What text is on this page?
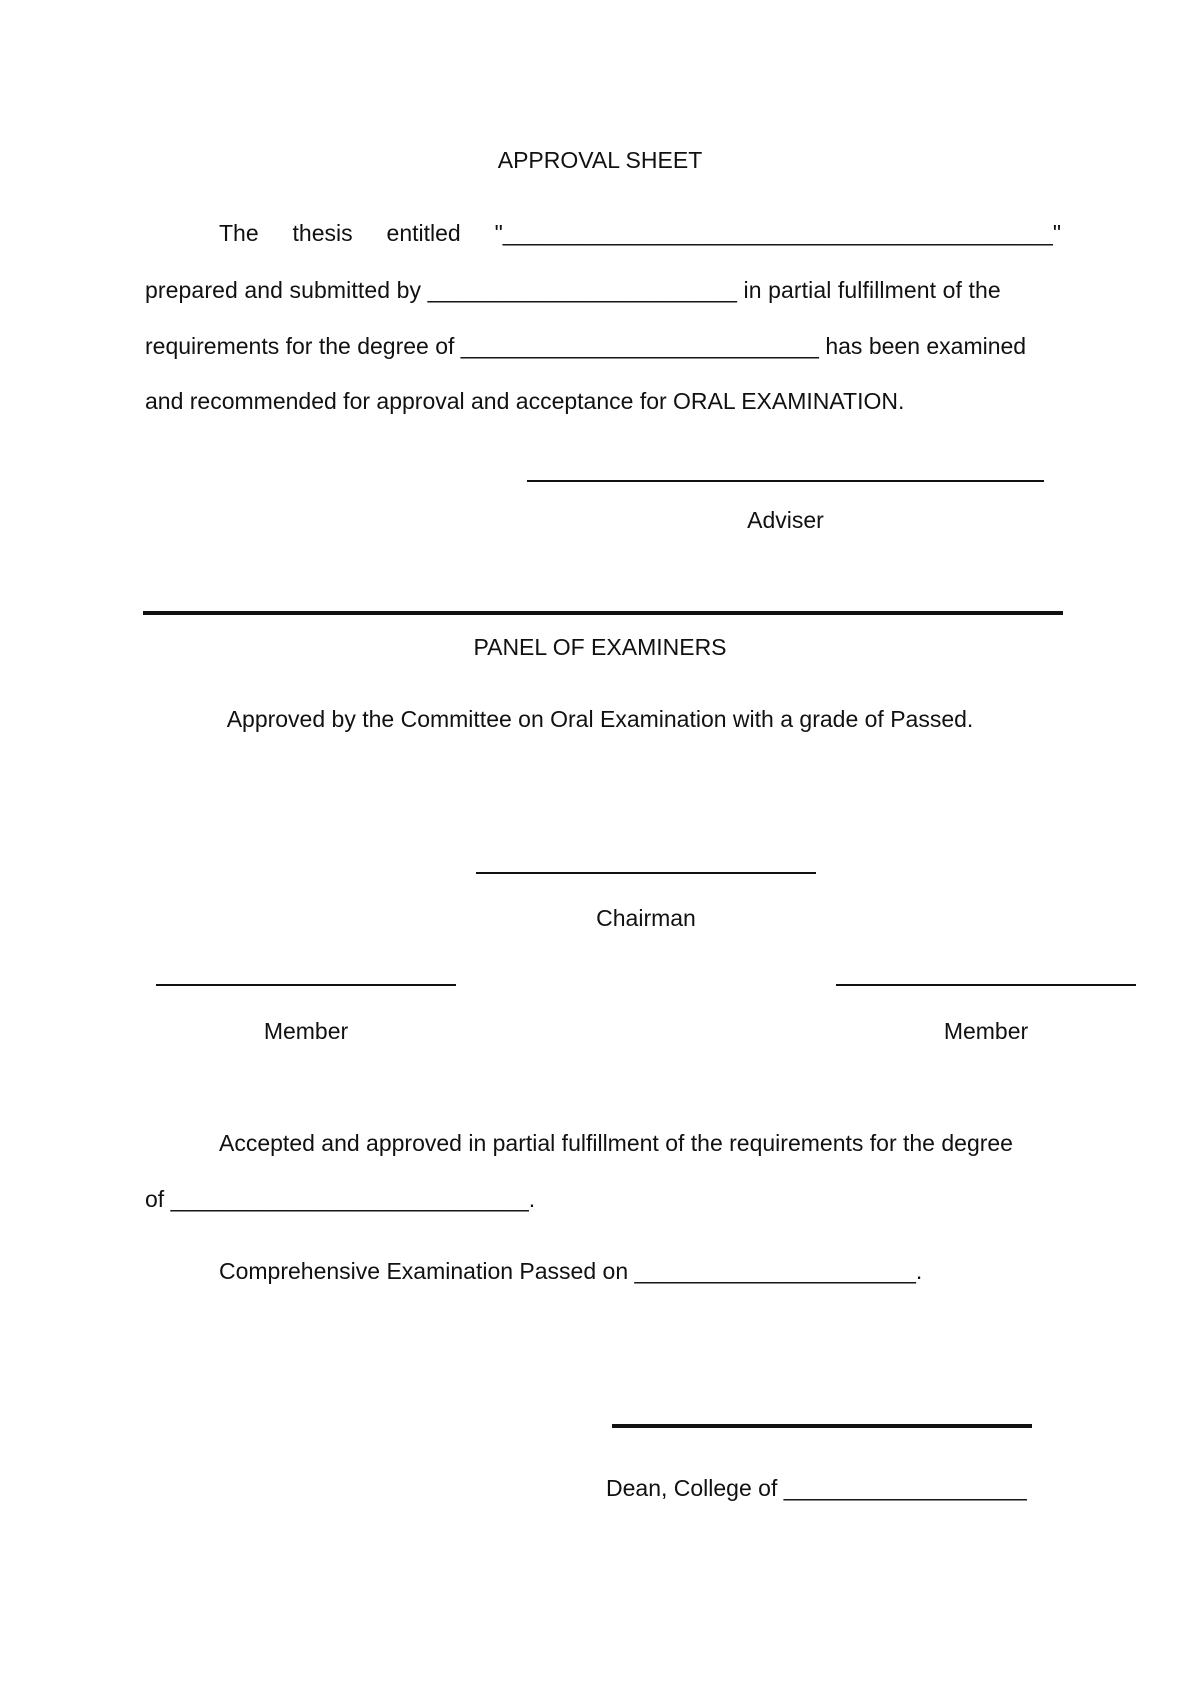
APPROVAL SHEET
The thesis entitled "___________________________________________"
prepared and submitted by ________________________ in partial fulfillment of the
requirements for the degree of ____________________________ has been examined
and recommended for approval and acceptance for ORAL EXAMINATION.
Adviser
PANEL OF EXAMINERS
Approved by the Committee on Oral Examination with a grade of Passed.
Chairman
Member	Member
Accepted and approved in partial fulfillment of the requirements for the degree
of ____________________________.
Comprehensive Examination Passed on ______________________.
Dean, College of ___________________
